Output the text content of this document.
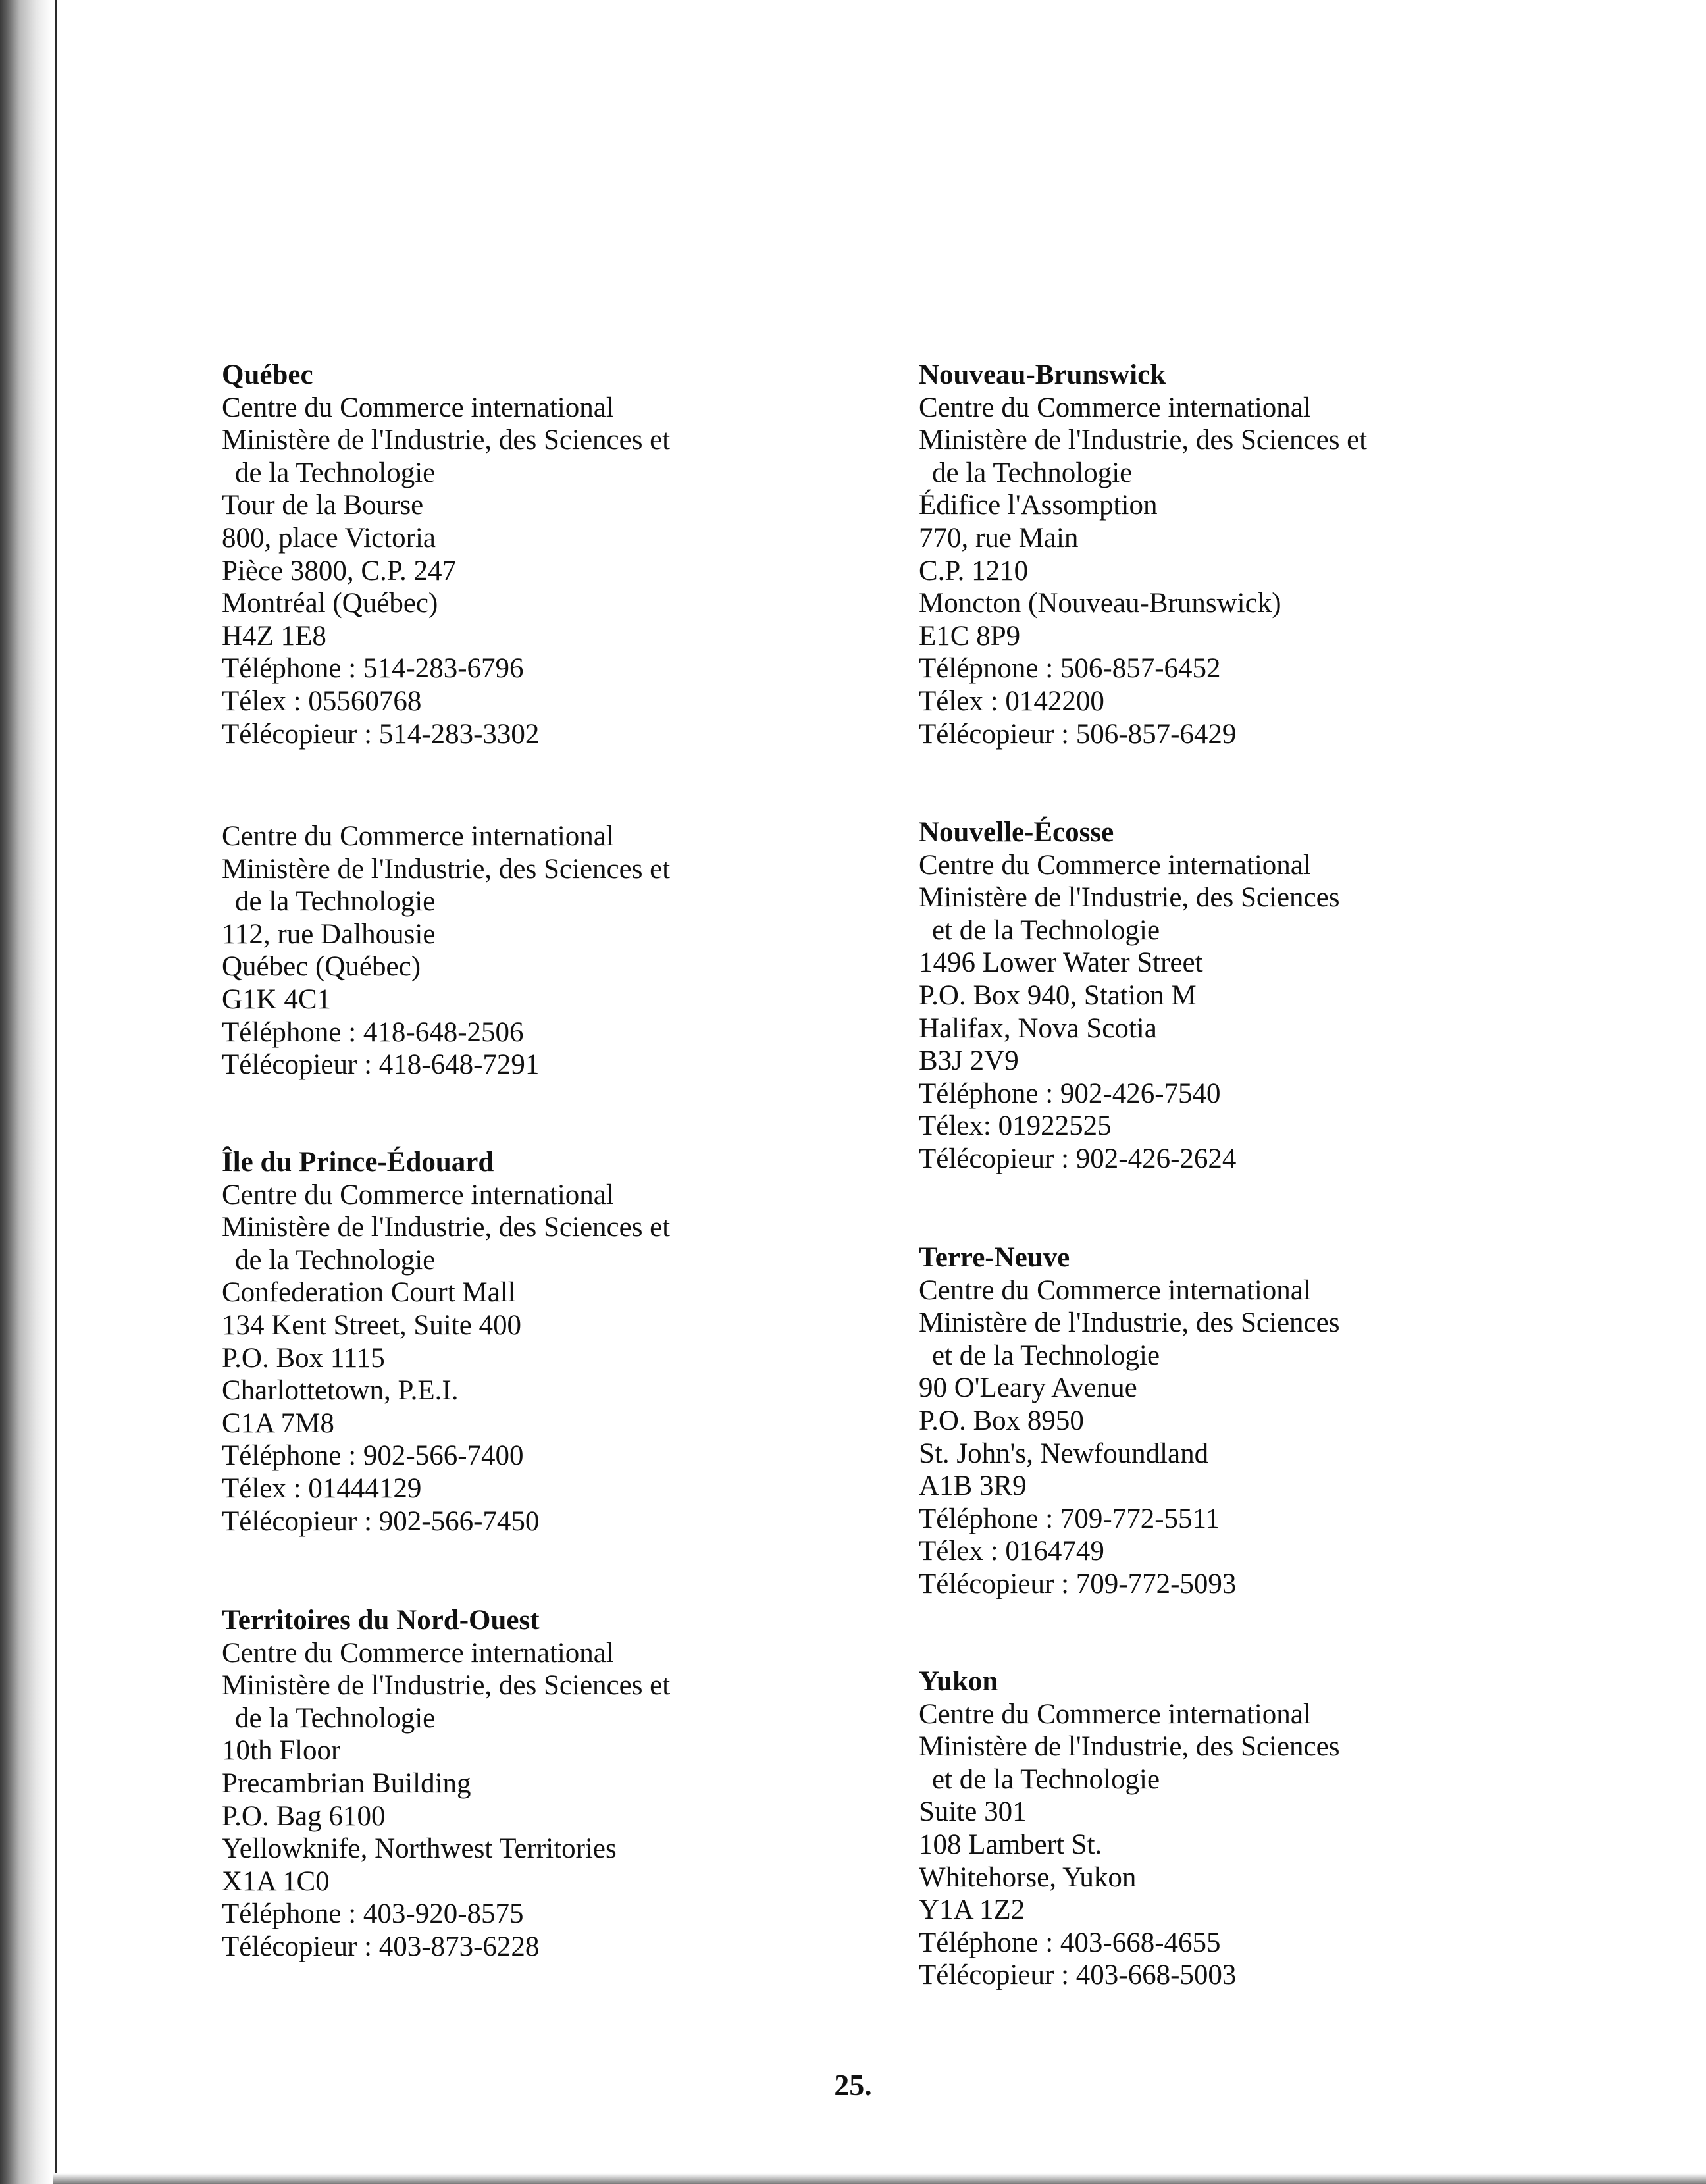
Québec
Centre du Commerce international
Ministère de l'Industrie, des Sciences et
de la Technologie
Tour de la Bourse
800, place Victoria
Pièce 3800, C.P. 247
Montréal (Québec)
H4Z 1E8
Téléphone : 514-283-6796
Télex : 05560768
Télécopieur : 514-283-3302
Centre du Commerce international
Ministère de l'Industrie, des Sciences et
de la Technologie
112, rue Dalhousie
Québec (Québec)
G1K 4C1
Téléphone : 418-648-2506
Télécopieur : 418-648-7291
Île du Prince-Édouard
Centre du Commerce international
Ministère de l'Industrie, des Sciences et
de la Technologie
Confederation Court Mall
134 Kent Street, Suite 400
P.O. Box 1115
Charlottetown, P.E.I.
C1A 7M8
Téléphone : 902-566-7400
Télex : 01444129
Télécopieur : 902-566-7450
Territoires du Nord-Ouest
Centre du Commerce international
Ministère de l'Industrie, des Sciences et
de la Technologie
10th Floor
Precambrian Building
P.O. Bag 6100
Yellowknife, Northwest Territories
X1A 1C0
Téléphone : 403-920-8575
Télécopieur : 403-873-6228
Nouveau-Brunswick
Centre du Commerce international
Ministère de l'Industrie, des Sciences et
de la Technologie
Édifice l'Assomption
770, rue Main
C.P. 1210
Moncton (Nouveau-Brunswick)
E1C 8P9
Télépnone : 506-857-6452
Télex : 0142200
Télécopieur : 506-857-6429
Nouvelle-Écosse
Centre du Commerce international
Ministère de l'Industrie, des Sciences
et de la Technologie
1496 Lower Water Street
P.O. Box 940, Station M
Halifax, Nova Scotia
B3J 2V9
Téléphone : 902-426-7540
Télex: 01922525
Télécopieur : 902-426-2624
Terre-Neuve
Centre du Commerce international
Ministère de l'Industrie, des Sciences
et de la Technologie
90 O'Leary Avenue
P.O. Box 8950
St. John's, Newfoundland
A1B 3R9
Téléphone : 709-772-5511
Télex : 0164749
Télécopieur : 709-772-5093
Yukon
Centre du Commerce international
Ministère de l'Industrie, des Sciences
et de la Technologie
Suite 301
108 Lambert St.
Whitehorse, Yukon
Y1A 1Z2
Téléphone : 403-668-4655
Télécopieur : 403-668-5003
25.
